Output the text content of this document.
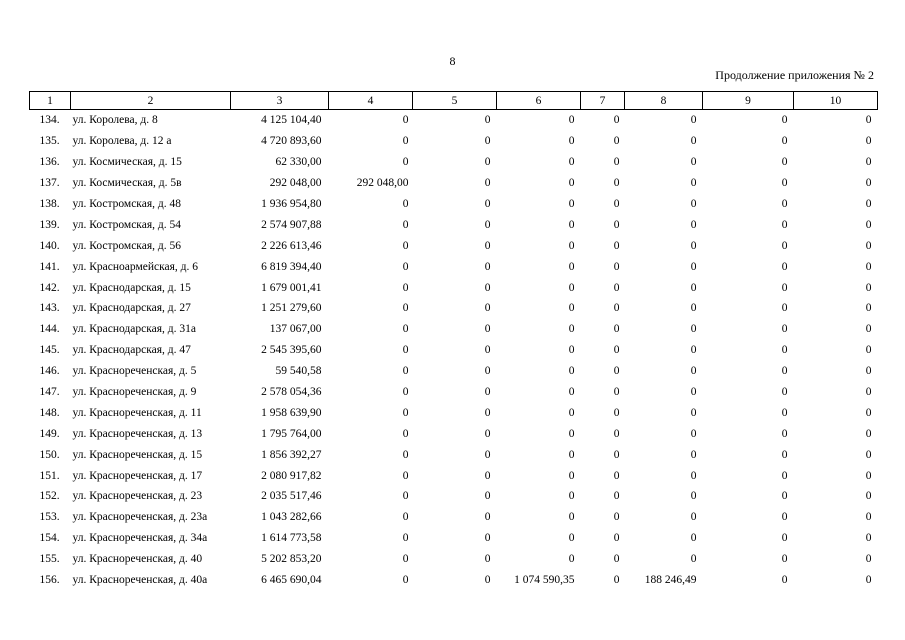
8
Продолжение приложения № 2
1	2	3	4	5	6	7	8	9	10
134.	ул. Королева, д. 8	4 125 104,40	0	0	0	0	0	0	0
135.	ул. Королева, д. 12 а	4 720 893,60	0	0	0	0	0	0	0
136.	ул. Космическая, д. 15	62 330,00	0	0	0	0	0	0	0
137.	ул. Космическая, д. 5в	292 048,00	292 048,00	0	0	0	0	0	0
138.	ул. Костромская, д. 48	1 936 954,80	0	0	0	0	0	0	0
139.	ул. Костромская, д. 54	2 574 907,88	0	0	0	0	0	0	0
140.	ул. Костромская, д. 56	2 226 613,46	0	0	0	0	0	0	0
141.	ул. Красноармейская, д. 6	6 819 394,40	0	0	0	0	0	0	0
142.	ул. Краснодарская, д. 15	1 679 001,41	0	0	0	0	0	0	0
143.	ул. Краснодарская, д. 27	1 251 279,60	0	0	0	0	0	0	0
144.	ул. Краснодарская, д. 31а	137 067,00	0	0	0	0	0	0	0
145.	ул. Краснодарская, д. 47	2 545 395,60	0	0	0	0	0	0	0
146.	ул. Краснореченская, д. 5	59 540,58	0	0	0	0	0	0	0
147.	ул. Краснореченская, д. 9	2 578 054,36	0	0	0	0	0	0	0
148.	ул. Краснореченская, д. 11	1 958 639,90	0	0	0	0	0	0	0
149.	ул. Краснореченская, д. 13	1 795 764,00	0	0	0	0	0	0	0
150.	ул. Краснореченская, д. 15	1 856 392,27	0	0	0	0	0	0	0
151.	ул. Краснореченская, д. 17	2 080 917,82	0	0	0	0	0	0	0
152.	ул. Краснореченская, д. 23	2 035 517,46	0	0	0	0	0	0	0
153.	ул. Краснореченская, д. 23а	1 043 282,66	0	0	0	0	0	0	0
154.	ул. Краснореченская, д. 34а	1 614 773,58	0	0	0	0	0	0	0
155.	ул. Краснореченская, д. 40	5 202 853,20	0	0	0	0	0	0	0
156.	ул. Краснореченская, д. 40а	6 465 690,04	0	0	1 074 590,35	0	188 246,49	0	0
